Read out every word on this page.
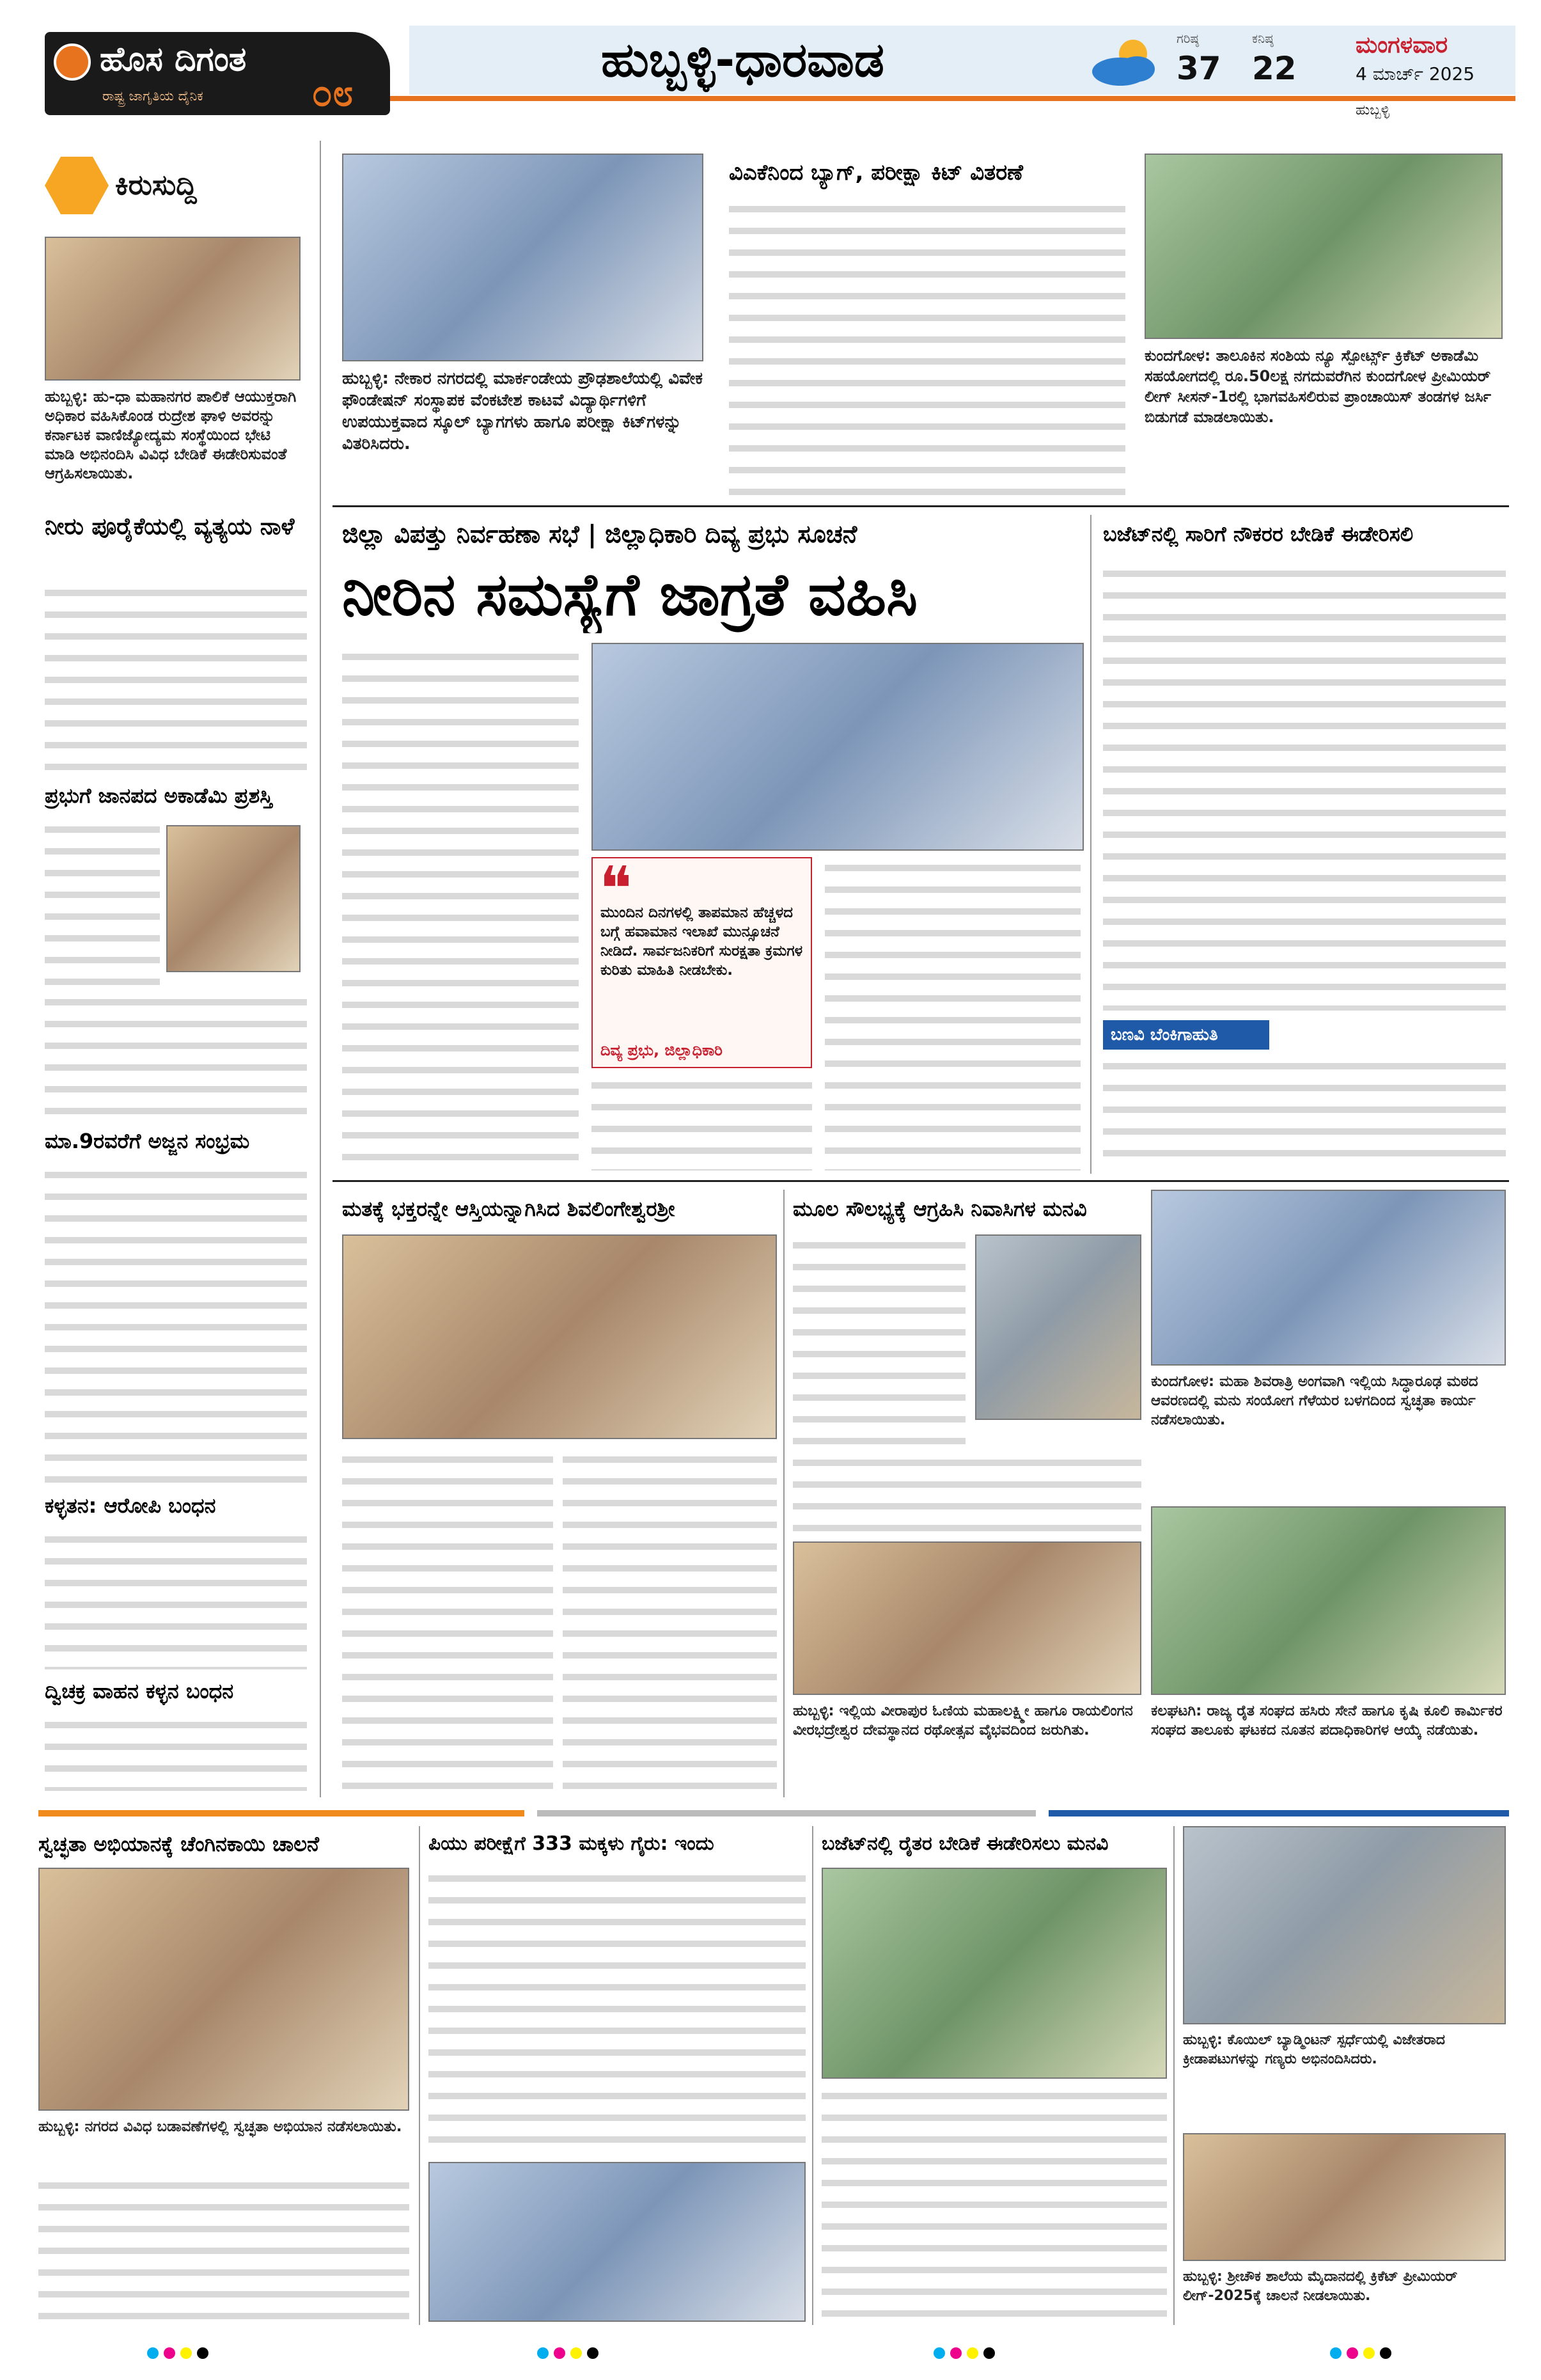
ಹೊಸ ದಿಗಂತ
ರಾಷ್ಟ್ರ ಜಾಗೃತಿಯ ದೈನಿಕ	೦೮
ಹುಬ್ಬಳ್ಳಿ-ಧಾರವಾಡ	ಗರಿಷ್ಠ
37
ಕನಿಷ್ಠ
22
ಮಂಗಳವಾರ
4 ಮಾರ್ಚ್ 2025
ಹುಬ್ಬಳ್ಳಿ
ಕಿರುಸುದ್ದಿ
ಹುಬ್ಬಳ್ಳಿ: ಹು-ಧಾ ಮಹಾನಗರ ಪಾಲಿಕೆ ಆಯುಕ್ತರಾಗಿ ಅಧಿಕಾರ ವಹಿಸಿಕೊಂಡ ರುದ್ರೇಶ ಘಾಳಿ ಅವರನ್ನು ಕರ್ನಾಟಕ ವಾಣಿಜ್ಯೋದ್ಯಮ ಸಂಸ್ಥೆಯಿಂದ ಭೇಟಿ ಮಾಡಿ ಅಭಿನಂದಿಸಿ ವಿವಿಧ ಬೇಡಿಕೆ ಈಡೇರಿಸುವಂತೆ ಆಗ್ರಹಿಸಲಾಯಿತು.
ನೀರು ಪೂರೈಕೆಯಲ್ಲಿ ವ್ಯತ್ಯಯ ನಾಳೆ
ಪ್ರಭುಗೆ ಜಾನಪದ ಅಕಾಡೆಮಿ ಪ್ರಶಸ್ತಿ
ಮಾ.9ರವರೆಗೆ ಅಜ್ಜನ ಸಂಭ್ರಮ
ಕಳ್ಳತನ: ಆರೋಪಿ ಬಂಧನ
ದ್ವಿಚಕ್ರ ವಾಹನ ಕಳ್ಳನ ಬಂಧನ
ಹುಬ್ಬಳ್ಳಿ: ನೇಕಾರ ನಗರದಲ್ಲಿ ಮಾರ್ಕಂಡೇಯ ಪ್ರೌಢಶಾಲೆಯಲ್ಲಿ ವಿವೇಕ ಫೌಂಡೇಷನ್ ಸಂಸ್ಥಾಪಕ ವೆಂಕಟೇಶ ಕಾಟವೆ ವಿದ್ಯಾರ್ಥಿಗಳಿಗೆ ಉಪಯುಕ್ತವಾದ ಸ್ಕೂಲ್ ಬ್ಯಾಗಗಳು ಹಾಗೂ ಪರೀಕ್ಷಾ ಕಿಟ್‌ಗಳನ್ನು ವಿತರಿಸಿದರು.
ವಿಎಕೆನಿಂದ ಬ್ಯಾಗ್, ಪರೀಕ್ಷಾ ಕಿಟ್ ವಿತರಣೆ
ಕುಂದಗೋಳ: ತಾಲೂಕಿನ ಸಂಶಿಯ ನ್ಯೂ ಸ್ಪೋರ್ಟ್ಸ್ ಕ್ರಿಕೆಟ್ ಅಕಾಡೆಮಿ ಸಹಯೋಗದಲ್ಲಿ ರೂ.50ಲಕ್ಷ ನಗದುವರೆಗಿನ ಕುಂದಗೋಳ ಪ್ರೀಮಿಯರ್ ಲೀಗ್ ಸೀಸನ್-1ರಲ್ಲಿ ಭಾಗವಹಿಸಲಿರುವ ಪ್ರಾಂಚಾಯಿಸ್ ತಂಡಗಳ ಜರ್ಸಿ ಬಿಡುಗಡೆ ಮಾಡಲಾಯಿತು.
ಜಿಲ್ಲಾ ವಿಪತ್ತು ನಿರ್ವಹಣಾ ಸಭೆ | ಜಿಲ್ಲಾಧಿಕಾರಿ ದಿವ್ಯ ಪ್ರಭು ಸೂಚನೆ
ನೀರಿನ ಸಮಸ್ಯೆಗೆ ಜಾಗ್ರತೆ ವಹಿಸಿ
❝
ಮುಂದಿನ ದಿನಗಳಲ್ಲಿ ತಾಪಮಾನ ಹೆಚ್ಚಳದ ಬಗ್ಗೆ ಹವಾಮಾನ ಇಲಾಖೆ ಮುನ್ಸೂಚನೆ ನೀಡಿದೆ. ಸಾರ್ವಜನಿಕರಿಗೆ ಸುರಕ್ಷತಾ ಕ್ರಮಗಳ ಕುರಿತು ಮಾಹಿತಿ ನೀಡಬೇಕು.
ದಿವ್ಯ ಪ್ರಭು, ಜಿಲ್ಲಾಧಿಕಾರಿ
ಬಜೆಟ್‌ನಲ್ಲಿ ಸಾರಿಗೆ ನೌಕರರ ಬೇಡಿಕೆ ಈಡೇರಿಸಲಿ
ಬಣವಿ ಬೆಂಕಿಗಾಹುತಿ
ಮತಕ್ಕೆ ಭಕ್ತರನ್ನೇ ಆಸ್ತಿಯನ್ನಾಗಿಸಿದ ಶಿವಲಿಂಗೇಶ್ವರಶ್ರೀ	ಮೂಲ ಸೌಲಭ್ಯಕ್ಕೆ ಆಗ್ರಹಿಸಿ ನಿವಾಸಿಗಳ ಮನವಿ
ಹುಬ್ಬಳ್ಳಿ: ಇಲ್ಲಿಯ ವೀರಾಪುರ ಓಣಿಯ ಮಹಾಲಕ್ಷ್ಮೀ ಹಾಗೂ ರಾಯಲಿಂಗನ ವೀರಭದ್ರೇಶ್ವರ ದೇವಸ್ಥಾನದ ರಥೋತ್ಸವ ವೈಭವದಿಂದ ಜರುಗಿತು.
ಕುಂದಗೋಳ: ಮಹಾ ಶಿವರಾತ್ರಿ ಅಂಗವಾಗಿ ಇಲ್ಲಿಯ ಸಿದ್ಧಾರೂಢ ಮಠದ ಆವರಣದಲ್ಲಿ ಮನು ಸಂಯೋಗ ಗೆಳೆಯರ ಬಳಗದಿಂದ ಸ್ವಚ್ಛತಾ ಕಾರ್ಯ ನಡೆಸಲಾಯಿತು.
ಕಲಘಟಗಿ: ರಾಜ್ಯ ರೈತ ಸಂಘದ ಹಸಿರು ಸೇನೆ ಹಾಗೂ ಕೃಷಿ ಕೂಲಿ ಕಾರ್ಮಿಕರ ಸಂಘದ ತಾಲೂಕು ಘಟಕದ ನೂತನ ಪದಾಧಿಕಾರಿಗಳ ಆಯ್ಕೆ ನಡೆಯಿತು.
ಸ್ವಚ್ಛತಾ ಅಭಿಯಾನಕ್ಕೆ ಚೆಂಗಿನಕಾಯಿ ಚಾಲನೆ
ಹುಬ್ಬಳ್ಳಿ: ನಗರದ ವಿವಿಧ ಬಡಾವಣೆಗಳಲ್ಲಿ ಸ್ವಚ್ಛತಾ ಅಭಿಯಾನ ನಡೆಸಲಾಯಿತು.
ಪಿಯು ಪರೀಕ್ಷೆಗೆ 333 ಮಕ್ಕಳು ಗೈರು: ಇಂದು	ಬಜೆಟ್‌ನಲ್ಲಿ ರೈತರ ಬೇಡಿಕೆ ಈಡೇರಿಸಲು ಮನವಿ
ಹುಬ್ಬಳ್ಳಿ: ಕೊಯಿಲ್ ಬ್ಯಾಡ್ಮಿಂಟನ್ ಸ್ಪರ್ಧೆಯಲ್ಲಿ ವಿಜೇತರಾದ ಕ್ರೀಡಾಪಟುಗಳನ್ನು ಗಣ್ಯರು ಅಭಿನಂದಿಸಿದರು.
ಹುಬ್ಬಳ್ಳಿ: ಶ್ರೀಚೌಕ ಶಾಲೆಯ ಮೈದಾನದಲ್ಲಿ ಕ್ರಿಕೆಟ್ ಪ್ರೀಮಿಯರ್ ಲೀಗ್-2025ಕ್ಕೆ ಚಾಲನೆ ನೀಡಲಾಯಿತು.
